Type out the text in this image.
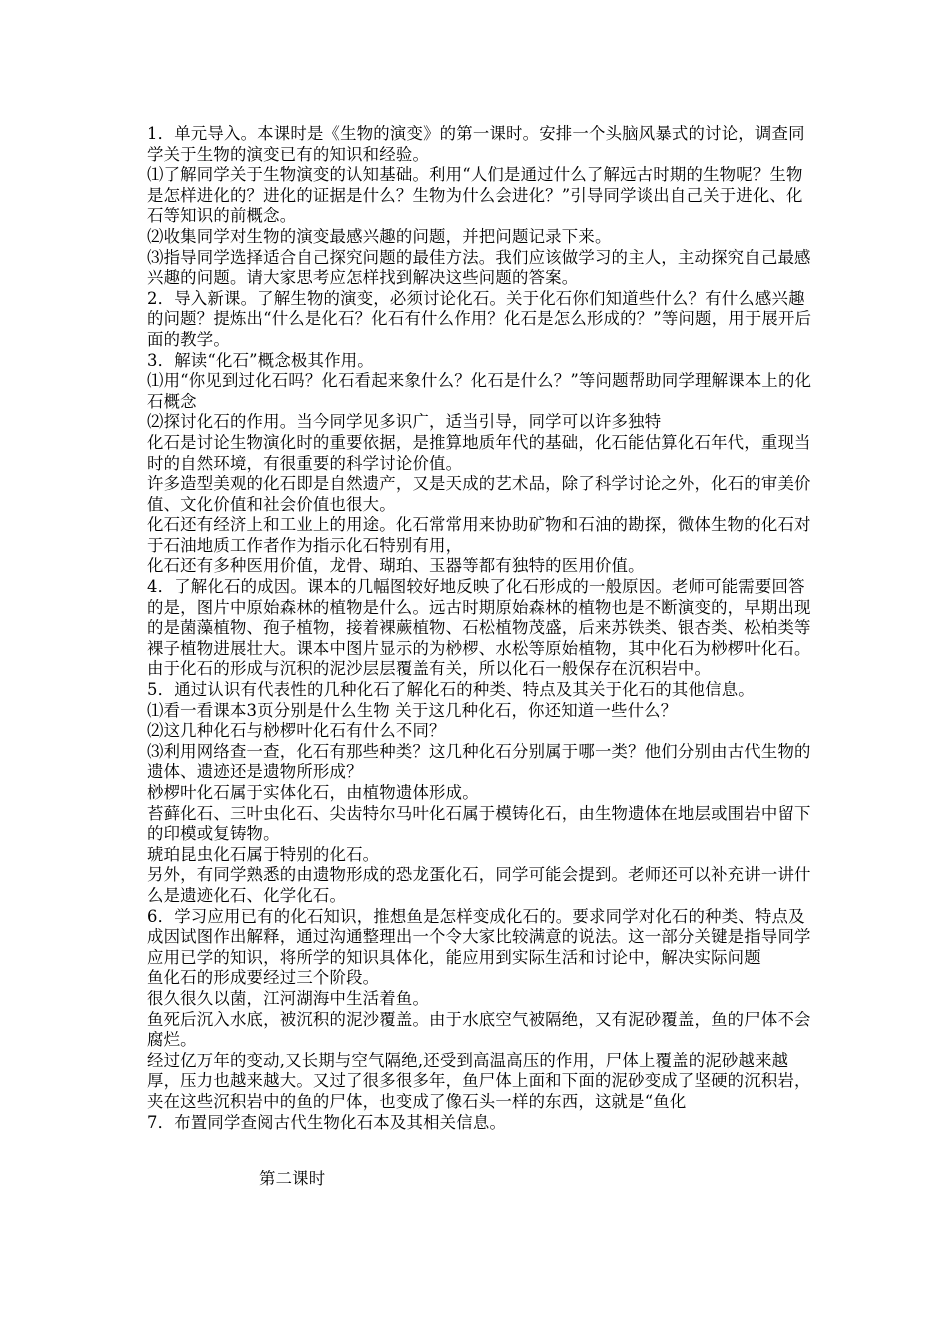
1．单元导入。本课时是《生物的演变》的第一课时。安排一个头脑风暴式的讨论，调查同学关于生物的演变已有的知识和经验。

⑴了解同学关于生物演变的认知基础。利用“人们是通过什么了解远古时期的生物呢？生物是怎样进化的？进化的证据是什么？生物为什么会进化？”引导同学谈出自己关于进化、化石等知识的前概念。

⑵收集同学对生物的演变最感兴趣的问题，并把问题记录下来。

⑶指导同学选择适合自己探究问题的最佳方法。我们应该做学习的主人，主动探究自己最感兴趣的问题。请大家思考应怎样找到解决这些问题的答案。

2．导入新课。了解生物的演变，必须讨论化石。关于化石你们知道些什么？有什么感兴趣的问题？提炼出“什么是化石？化石有什么作用？化石是怎么形成的？”等问题，用于展开后面的教学。

3．解读“化石”概念极其作用。

⑴用“你见到过化石吗？化石看起来象什么？化石是什么？”等问题帮助同学理解课本上的化石概念

⑵探讨化石的作用。当今同学见多识广，适当引导，同学可以许多独特

化石是讨论生物演化时的重要依据，是推算地质年代的基础，化石能估算化石年代，重现当时的自然环境，有很重要的科学讨论价值。

许多造型美观的化石即是自然遗产，又是天成的艺术品，除了科学讨论之外，化石的审美价值、文化价值和社会价值也很大。

化石还有经济上和工业上的用途。化石常常用来协助矿物和石油的勘探，微体生物的化石对于石油地质工作者作为指示化石特别有用，

化石还有多种医用价值，龙骨、瑚珀、玉器等都有独特的医用价值。

4．了解化石的成因。课本的几幅图较好地反映了化石形成的一般原因。老师可能需要回答的是，图片中原始森林的植物是什么。远古时期原始森林的植物也是不断演变的，早期出现的是菌藻植物、孢子植物，接着裸蕨植物、石松植物茂盛，后来苏铁类、银杏类、松柏类等裸子植物进展壮大。课本中图片显示的为桫椤、水松等原始植物，其中化石为桫椤叶化石。由于化石的形成与沉积的泥沙层层覆盖有关，所以化石一般保存在沉积岩中。

5．通过认识有代表性的几种化石了解化石的种类、特点及其关于化石的其他信息。

⑴看一看课本3页分别是什么生物 关于这几种化石，你还知道一些什么？

⑵这几种化石与桫椤叶化石有什么不同？

⑶利用网络查一查，化石有那些种类？这几种化石分别属于哪一类？他们分别由古代生物的遗体、遗迹还是遗物所形成？

桫椤叶化石属于实体化石，由植物遗体形成。

苔藓化石、三叶虫化石、尖齿特尔马叶化石属于模铸化石，由生物遗体在地层或围岩中留下的印模或复铸物。

琥珀昆虫化石属于特别的化石。

另外，有同学熟悉的由遗物形成的恐龙蛋化石，同学可能会提到。老师还可以补充讲一讲什么是遗迹化石、化学化石。

6．学习应用已有的化石知识，推想鱼是怎样变成化石的。要求同学对化石的种类、特点及成因试图作出解释，通过沟通整理出一个令大家比较满意的说法。这一部分关键是指导同学应用已学的知识，将所学的知识具体化，能应用到实际生活和讨论中，解决实际问题

鱼化石的形成要经过三个阶段。

很久很久以菌，江河湖海中生活着鱼。

鱼死后沉入水底，被沉积的泥沙覆盖。由于水底空气被隔绝，又有泥砂覆盖，鱼的尸体不会腐烂。

经过亿万年的变动,又长期与空气隔绝,还受到高温高压的作用，尸体上覆盖的泥砂越来越厚，压力也越来越大。又过了很多很多年，鱼尸体上面和下面的泥砂变成了坚硬的沉积岩，夹在这些沉积岩中的鱼的尸体，也变成了像石头一样的东西，这就是“鱼化

7．布置同学查阅古代生物化石本及其相关信息。

第二课时
